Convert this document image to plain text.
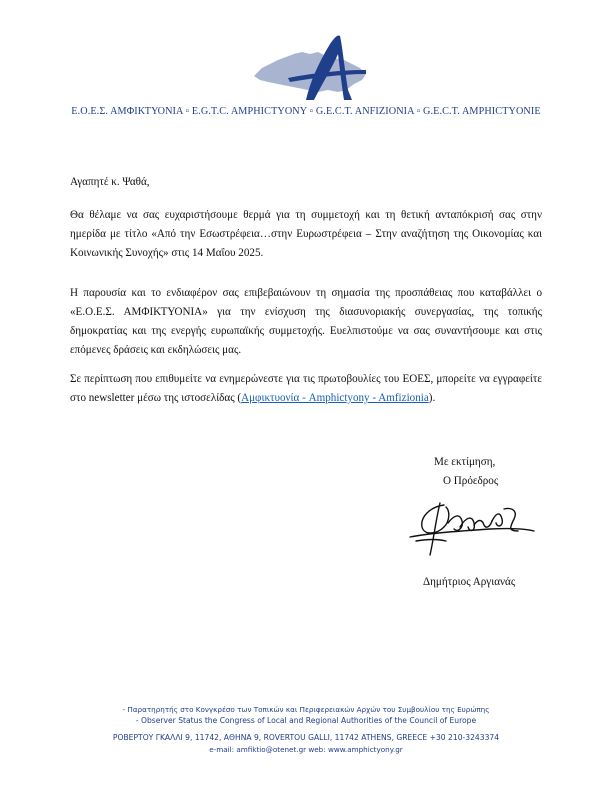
Ε.Ο.Ε.Σ. ΑΜΦΙΚΤΥΟΝΙΑ ▫ E.G.T.C. AMPHICTYONY ▫ G.E.C.T. ANFIZIONIA ▫ G.E.C.T. AMPHICTYONIE
Αγαπητέ κ. Ψαθά,
Θα θέλαμε να σας ευχαριστήσουμε θερμά για τη συμμετοχή και τη θετική ανταπόκρισή σας στην ημερίδα με τίτλο «Από την Εσωστρέφεια…στην Ευρωστρέφεια – Στην αναζήτηση της Οικονομίας και Κοινωνικής Συνοχής» στις 14 Μαΐου 2025.
Η παρουσία και το ενδιαφέρον σας επιβεβαιώνουν τη σημασία της προσπάθειας που καταβάλλει ο «Ε.Ο.Ε.Σ. ΑΜΦΙΚΤΥΟΝΙΑ» για την ενίσχυση της διασυνοριακής συνεργασίας, της τοπικής δημοκρατίας και της ενεργής ευρωπαϊκής συμμετοχής. Ευελπιστούμε να σας συναντήσουμε και στις επόμενες δράσεις και εκδηλώσεις μας.
Σε περίπτωση που επιθυμείτε να ενημερώνεστε για τις πρωτοβουλίες του ΕΟΕΣ, μπορείτε να εγγραφείτε στο newsletter μέσω της ιστοσελίδας (Αμφικτυονία - Amphictyony - Amfizionia).
Με εκτίμηση,
Ο Πρόεδρος
Δημήτριος Αργιανάς
- Παρατηρητής στο Κονγκρέσο των Τοπικών και Περιφερειακών Αρχών του Συμβουλίου της Ευρώπης
- Observer Status the Congress of Local and Regional Authorities of the Council of Europe
ΡΟΒΕΡΤΟΥ ΓΚΑΛΛΙ 9, 11742, ΑΘΗΝΑ 9, ROVERTOU GALLI, 11742 ATHENS, GREECE +30 210-3243374
e-mail: amfiktio@otenet.gr web: www.amphictyony.gr
